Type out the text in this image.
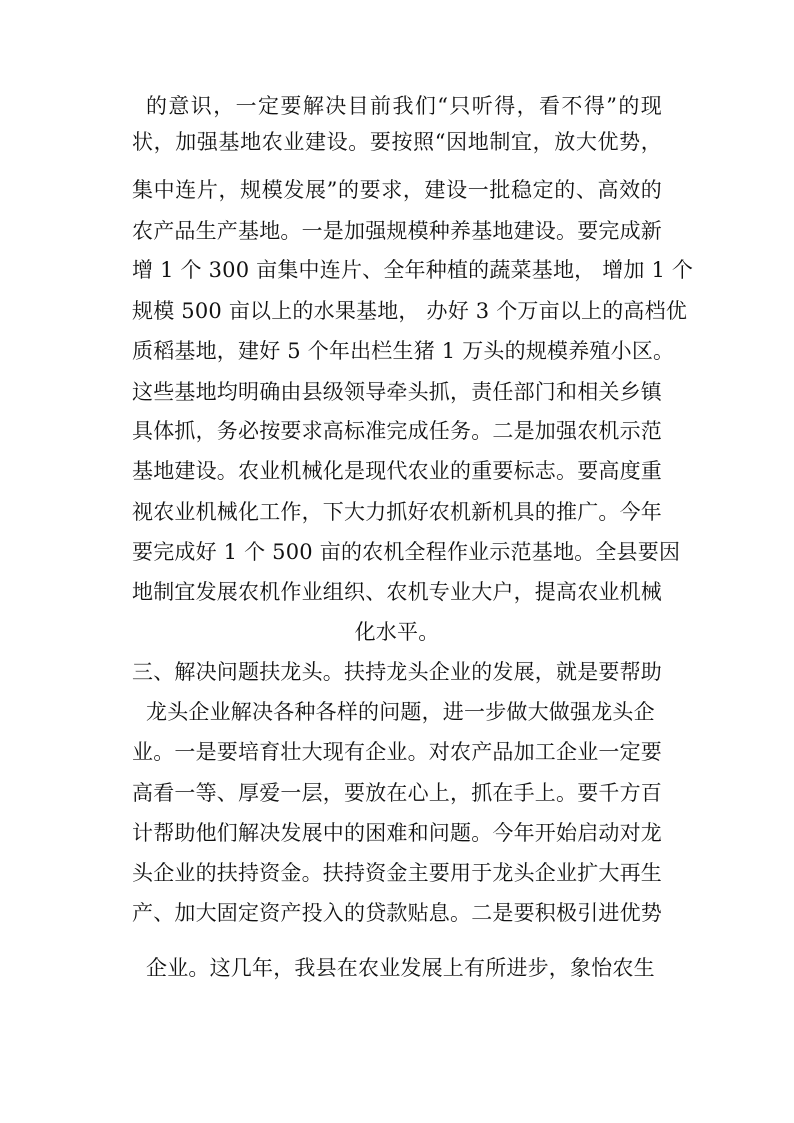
的意识，一定要解决目前我们“只听得，看不得”的现
状，加强基地农业建设。要按照“因地制宜，放大优势，
集中连片，规模发展”的要求，建设一批稳定的、高效的
农产品生产基地。一是加强规模种养基地建设。要完成新
增 1 个 300 亩集中连片、全年种植的蔬菜基地， 增加 1 个
规模 500 亩以上的水果基地， 办好 3 个万亩以上的高档优
质稻基地，建好 5 个年出栏生猪 1 万头的规模养殖小区。
这些基地均明确由县级领导牵头抓，责任部门和相关乡镇
具体抓，务必按要求高标准完成任务。二是加强农机示范
基地建设。农业机械化是现代农业的重要标志。要高度重
视农业机械化工作，下大力抓好农机新机具的推广。今年
要完成好 1 个 500 亩的农机全程作业示范基地。全县要因
地制宜发展农机作业组织、农机专业大户，提高农业机械
化水平。
三、解决问题扶龙头。扶持龙头企业的发展，就是要帮助
龙头企业解决各种各样的问题，进一步做大做强龙头企
业。一是要培育壮大现有企业。对农产品加工企业一定要
高看一等、厚爱一层，要放在心上，抓在手上。要千方百
计帮助他们解决发展中的困难和问题。今年开始启动对龙
头企业的扶持资金。扶持资金主要用于龙头企业扩大再生
产、加大固定资产投入的贷款贴息。二是要积极引进优势
企业。这几年，我县在农业发展上有所进步，象怡农生
